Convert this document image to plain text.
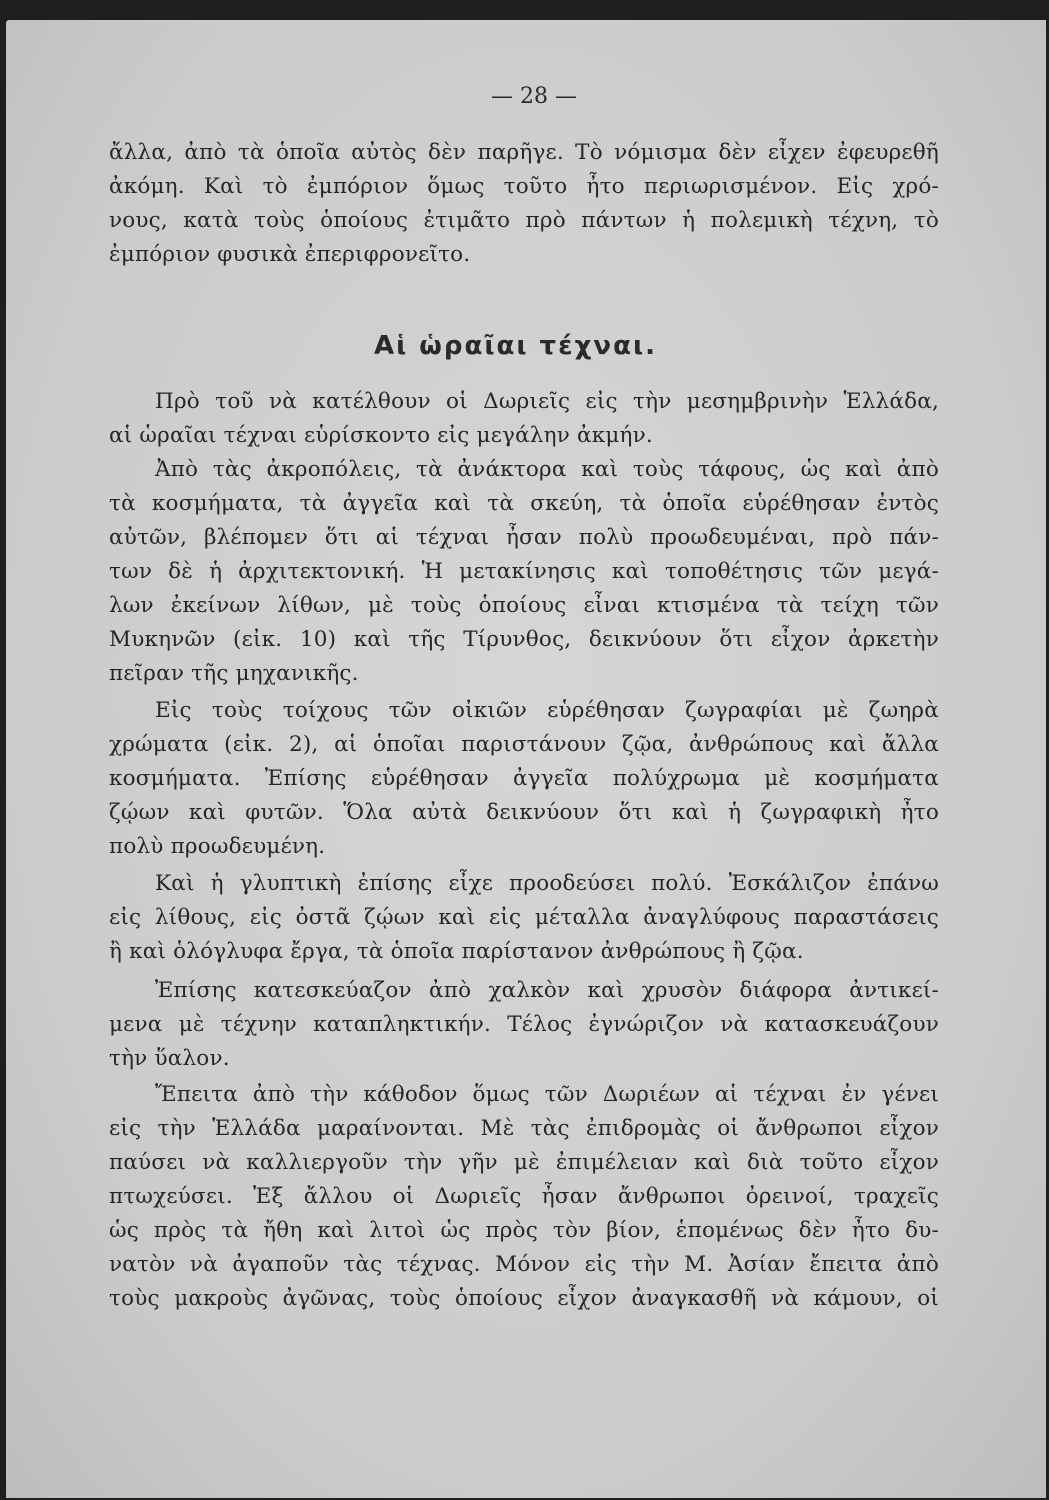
— 28 —
ἄλλα, ἀπὸ τὰ ὁποῖα αὐτὸς δὲν παρῆγε. Τὸ νόμισμα δὲν εἶχεν ἐφευρεθῆ
ἀκόμη. Καὶ τὸ ἐμπόριον ὅμως τοῦτο ἦτο περιωρισμένον. Εἰς χρό-
νους, κατὰ τοὺς ὁποίους ἐτιμᾶτο πρὸ πάντων ἡ πολεμικὴ τέχνη, τὸ
ἐμπόριον φυσικὰ ἐπεριφρονεῖτο.
Πρὸ τοῦ νὰ κατέλθουν οἱ Δωριεῖς εἰς τὴν μεσημβρινὴν Ἑλλάδα,
αἱ ὡραῖαι τέχναι εὑρίσκοντο εἰς μεγάλην ἀκμήν.
Ἀπὸ τὰς ἀκροπόλεις, τὰ ἀνάκτορα καὶ τοὺς τάφους, ὡς καὶ ἀπὸ
τὰ κοσμήματα, τὰ ἀγγεῖα καὶ τὰ σκεύη, τὰ ὁποῖα εὑρέθησαν ἐντὸς
αὐτῶν, βλέπομεν ὅτι αἱ τέχναι ἦσαν πολὺ προωδευμέναι, πρὸ πάν-
των δὲ ἡ ἀρχιτεκτονική. Ἡ μετακίνησις καὶ τοποθέτησις τῶν μεγά-
λων ἐκείνων λίθων, μὲ τοὺς ὁποίους εἶναι κτισμένα τὰ τείχη τῶν
Μυκηνῶν (εἰκ. 10) καὶ τῆς Τίρυνθος, δεικνύουν ὅτι εἶχον ἀρκετὴν
πεῖραν τῆς μηχανικῆς.
Εἰς τοὺς τοίχους τῶν οἰκιῶν εὑρέθησαν ζωγραφίαι μὲ ζωηρὰ
χρώματα (εἰκ. 2), αἱ ὁποῖαι παριστάνουν ζῷα, ἀνθρώπους καὶ ἄλλα
κοσμήματα. Ἐπίσης εὑρέθησαν ἀγγεῖα πολύχρωμα μὲ κοσμήματα
ζῴων καὶ φυτῶν. Ὅλα αὐτὰ δεικνύουν ὅτι καὶ ἡ ζωγραφικὴ ἦτο
πολὺ προωδευμένη.
Καὶ ἡ γλυπτικὴ ἐπίσης εἶχε προοδεύσει πολύ. Ἐσκάλιζον ἐπάνω
εἰς λίθους, εἰς ὀστᾶ ζῴων καὶ εἰς μέταλλα ἀναγλύφους παραστάσεις
ἢ καὶ ὁλόγλυφα ἔργα, τὰ ὁποῖα παρίστανον ἀνθρώπους ἢ ζῷα.
Ἐπίσης κατεσκεύαζον ἀπὸ χαλκὸν καὶ χρυσὸν διάφορα ἀντικεί-
μενα μὲ τέχνην καταπληκτικήν. Τέλος ἐγνώριζον νὰ κατασκευάζουν
τὴν ὕαλον.
Ἔπειτα ἀπὸ τὴν κάθοδον ὅμως τῶν Δωριέων αἱ τέχναι ἐν γένει
εἰς τὴν Ἑλλάδα μαραίνονται. Μὲ τὰς ἐπιδρομὰς οἱ ἄνθρωποι εἶχον
παύσει νὰ καλλιεργοῦν τὴν γῆν μὲ ἐπιμέλειαν καὶ διὰ τοῦτο εἶχον
πτωχεύσει. Ἐξ ἄλλου οἱ Δωριεῖς ἦσαν ἄνθρωποι ὀρεινοί, τραχεῖς
ὡς πρὸς τὰ ἤθη καὶ λιτοὶ ὡς πρὸς τὸν βίον, ἑπομένως δὲν ἦτο δυ-
νατὸν νὰ ἀγαποῦν τὰς τέχνας. Μόνον εἰς τὴν Μ. Ἀσίαν ἔπειτα ἀπὸ
τοὺς μακροὺς ἀγῶνας, τοὺς ὁποίους εἶχον ἀναγκασθῆ νὰ κάμουν, οἱ
Αἱ ὡραῖαι τέχναι.
